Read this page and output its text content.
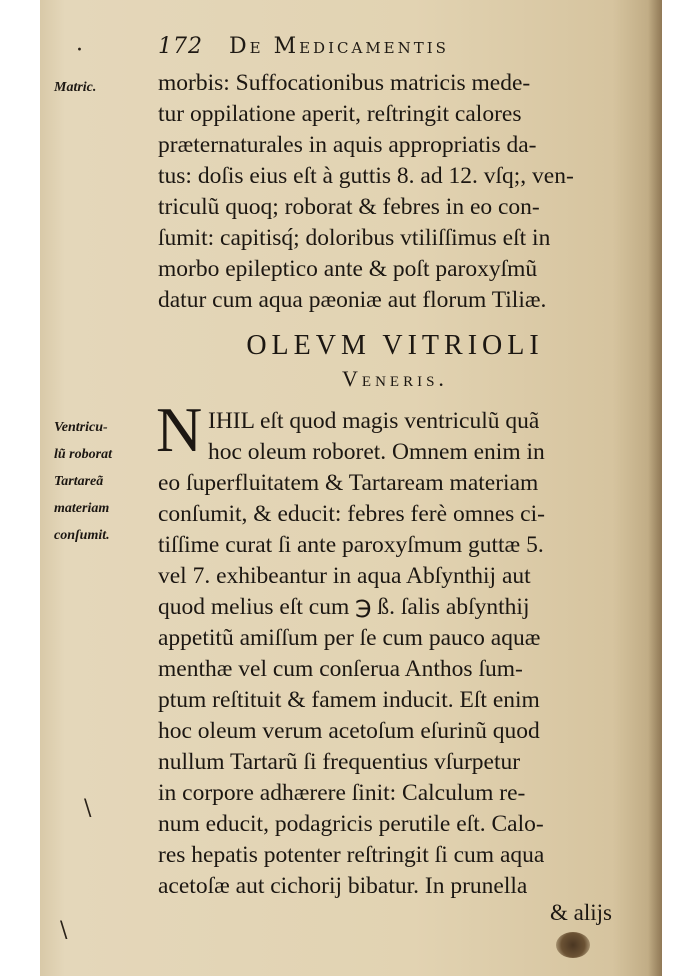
172 De Medicamentis
Matric.	morbis: Suffocationibus matricis mede-
tur oppilatione aperit, reſtringit calores
præternaturales in aquis appropriatis da-
tus: doſis eius eſt à guttis 8. ad 12. vſq;, ven-
triculũ quoq; roborat & febres in eo con-
ſumit: capitisq́; doloribus vtiliſſimus eſt in
morbo epileptico ante & poſt paroxyſmũ
datur cum aqua pæoniæ aut florum Tiliæ.
OLEVM VITRIOLI
Veneris.
N
Ventricu-
lũ roborat
Tartareã
materiam
conſumit.
IHIL eſt quod magis ventriculũ quã
hoc oleum roboret. Omnem enim in
eo ſuperfluitatem & Tartaream materiam
conſumit, & educit: febres ferè omnes ci-
tiſſime curat ſi ante paroxyſmum guttæ 5.
vel 7. exhibeantur in aqua Abſynthij aut
quod melius eſt cum ℈ ß. ſalis abſynthij
appetitũ amiſſum per ſe cum pauco aquæ
menthæ vel cum conſerua Anthos ſum-
ptum reſtituit & famem inducit. Eſt enim
hoc oleum verum acetoſum eſurinũ quod
nullum Tartarũ ſi frequentius vſurpetur
in corpore adhærere ſinit: Calculum re-
num educit, podagricis perutile eſt. Calo-
res hepatis potenter reſtringit ſi cum aqua
acetoſæ aut cichorij bibatur. In prunella
& alijs
·
\
\
